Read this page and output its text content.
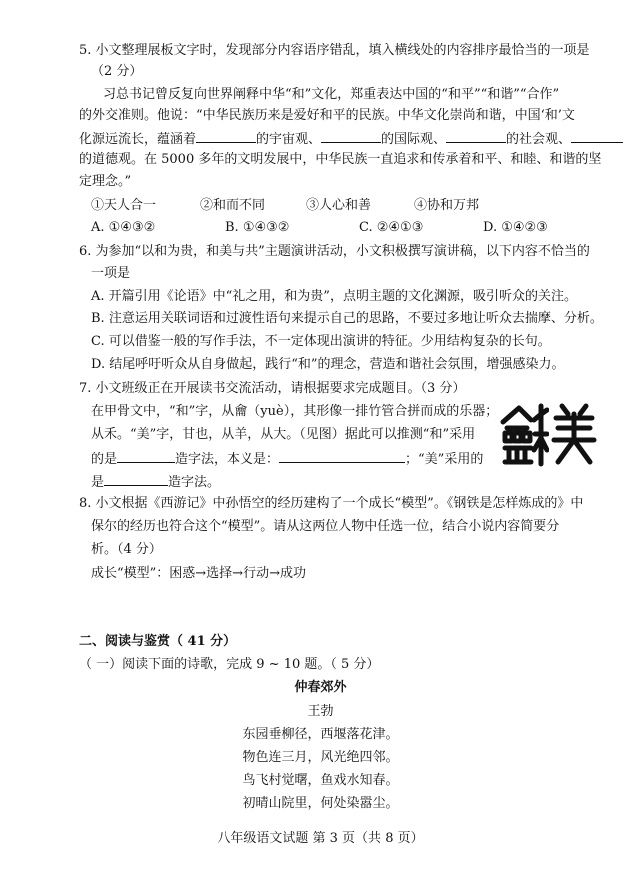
5. 小文整理展板文字时，发现部分内容语序错乱，填入横线处的内容排序最恰当的一项是
（2 分）
习总书记曾反复向世界阐释中华“和”文化，郑重表达中国的“和平”“和谐”“合作”
的外交准则。他说：“中华民族历来是爱好和平的民族。中华文化崇尚和谐，中国‘和’文
化源远流长，蕴涵着	的宇宙观、	的国际观、	的社会观、
的道德观。在 5000 多年的文明发展中，中华民族一直追求和传承着和平、和睦、和谐的坚
定理念。”
①天人合一	②和而不同	③人心和善	④协和万邦
A. ①④③②	B. ①④③②	C. ②④①③	D. ①④②③
6. 为参加“以和为贵，和美与共”主题演讲活动，小文积极撰写演讲稿，以下内容不恰当的
一项是
A. 开篇引用《论语》中“礼之用，和为贵”，点明主题的文化渊源，吸引听众的关注。
B. 注意运用关联词语和过渡性语句来提示自己的思路，不要过多地让听众去揣摩、分析。
C. 可以借鉴一般的写作手法，不一定体现出演讲的特征。少用结构复杂的长句。
D. 结尾呼吁听众从自身做起，践行“和”的理念，营造和谐社会氛围，增强感染力。
7. 小文班级正在开展读书交流活动，请根据要求完成题目。（3 分）
在甲骨文中，“和”字，从龠（yuè），其形像一排竹管合拼而成的乐器；
从禾。“美”字，甘也，从羊，从大。（见图）据此可以推测“和”采用
的是	造字法，本义是：	；“美”采用的
是	造字法。
8. 小文根据《西游记》中孙悟空的经历建构了一个成长“模型”。《钢铁是怎样炼成的》中
保尔的经历也符合这个“模型”。请从这两位人物中任选一位，结合小说内容简要分
析。（4 分）
成长“模型”：困惑→选择→行动→成功
二、阅读与鉴赏（ 41 分）
（ 一）阅读下面的诗歌，完成 9 ~ 10 题。（ 5 分）
仲春郊外
王勃
东园垂柳径，西堰落花津。
物色连三月，风光绝四邻。
鸟飞村觉曙，鱼戏水知春。
初晴山院里，何处染嚣尘。
八年级语文试题 第 3 页（共 8 页）
